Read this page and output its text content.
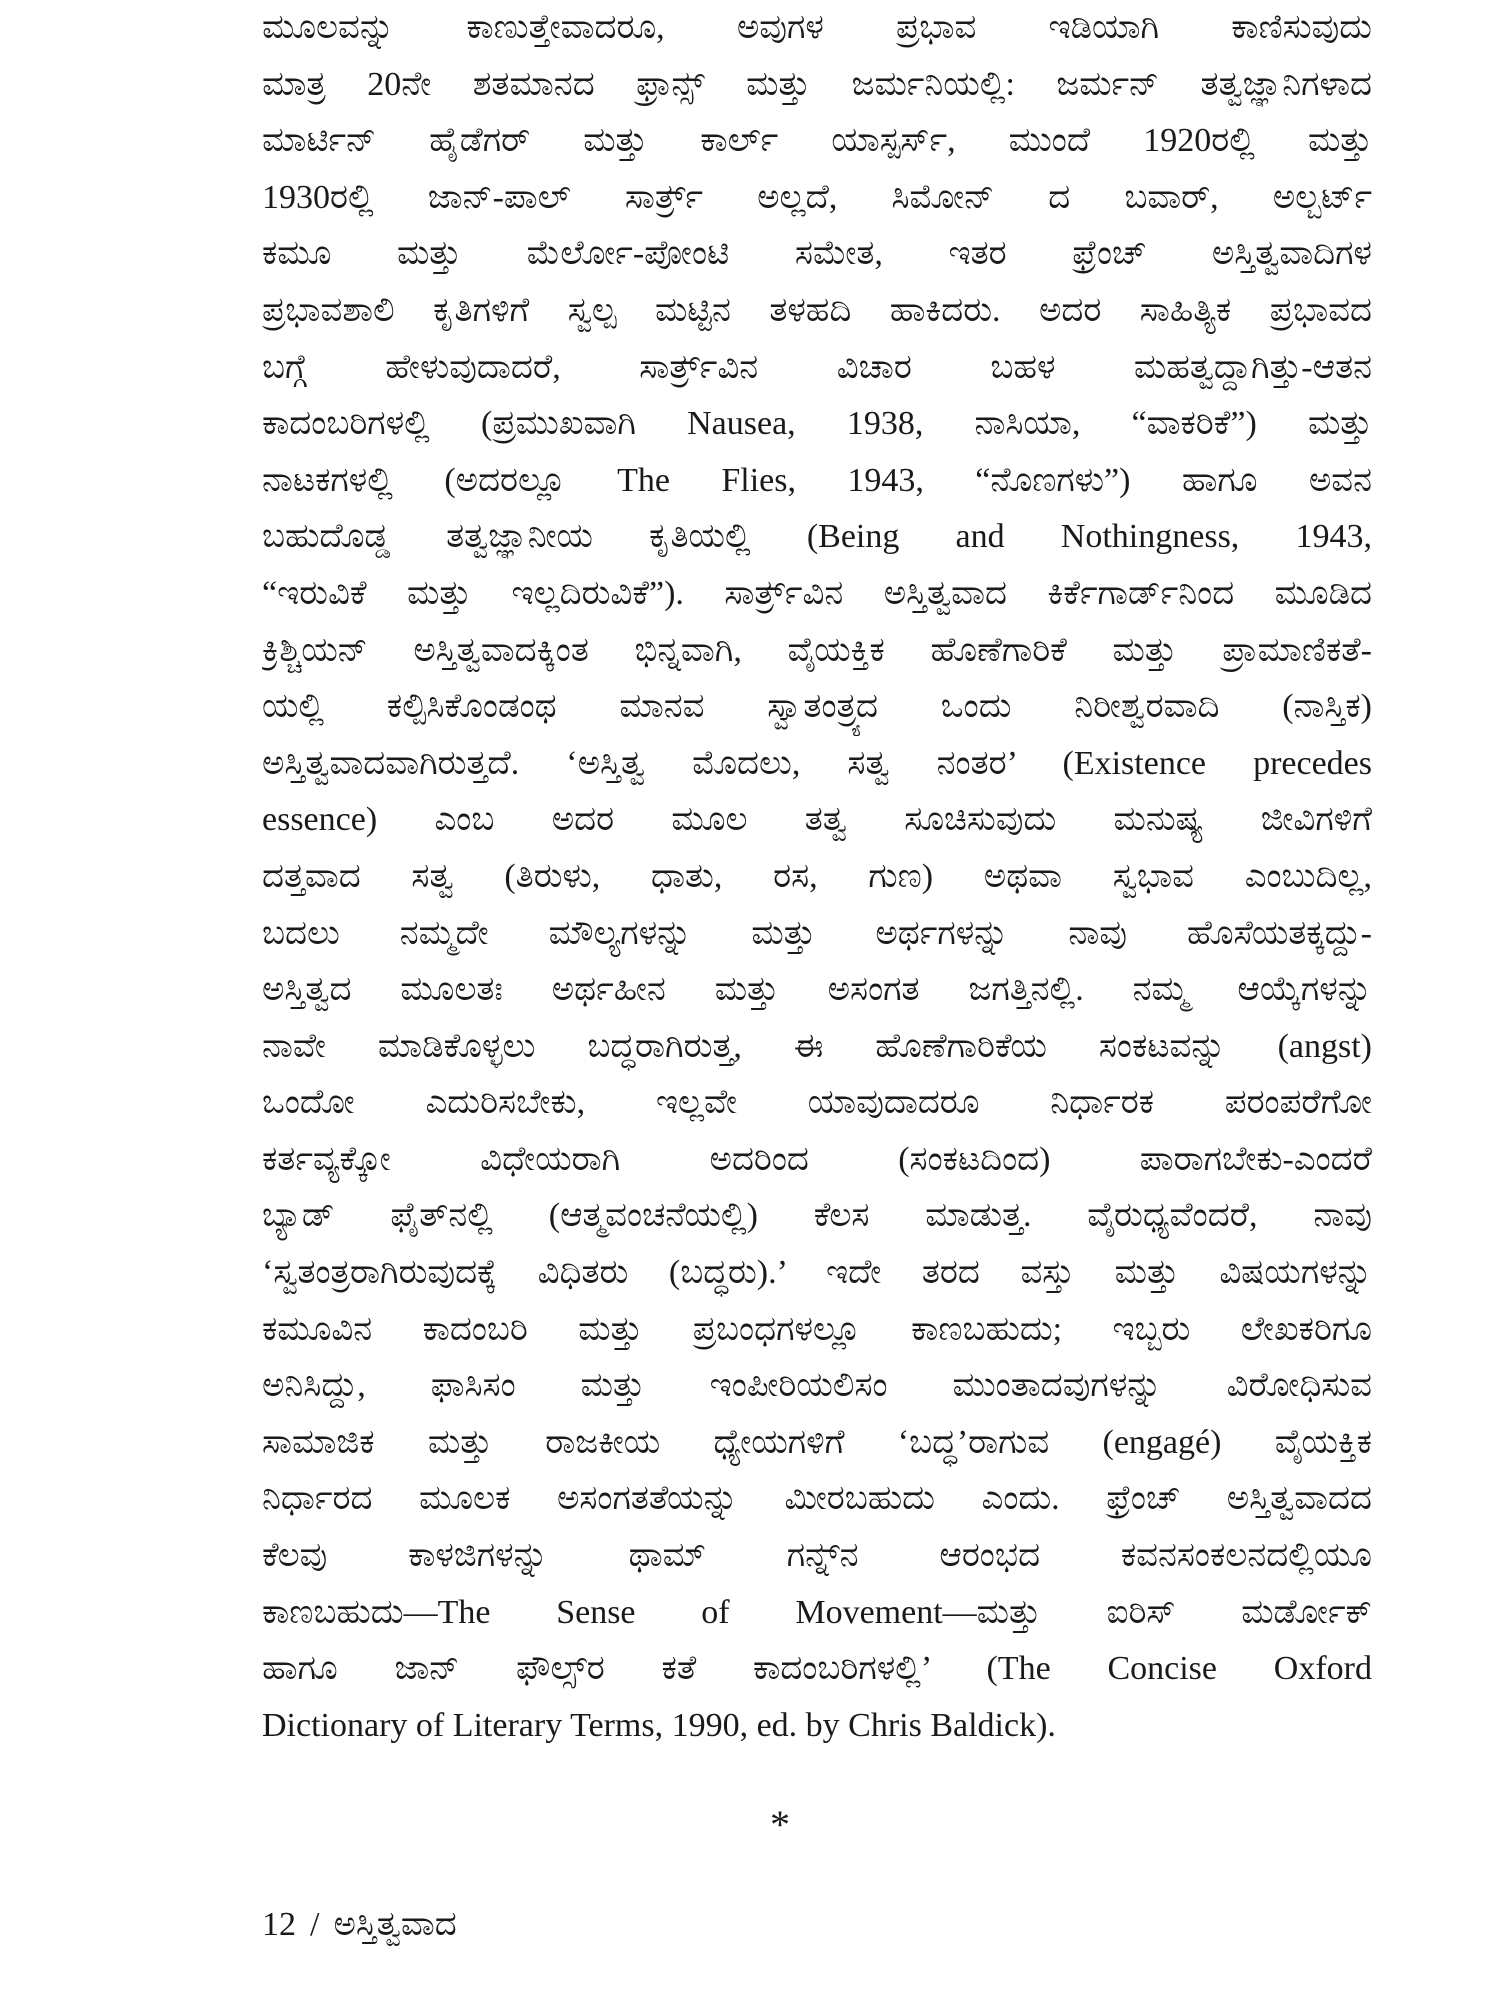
ಮೂಲವನ್ನು ಕಾಣುತ್ತೇವಾದರೂ, ಅವುಗಳ ಪ್ರಭಾವ ಇಡಿಯಾಗಿ ಕಾಣಿಸುವುದು
ಮಾತ್ರ 20ನೇ ಶತಮಾನದ ಫ್ರಾನ್ಸ್ ಮತ್ತು ಜರ್ಮನಿಯಲ್ಲಿ: ಜರ್ಮನ್ ತತ್ವಜ್ಞಾನಿಗಳಾದ
ಮಾರ್ಟಿನ್ ಹೈಡೆಗರ್ ಮತ್ತು ಕಾರ್ಲ್ ಯಾಸ್ಪರ್ಸ್, ಮುಂದೆ 1920ರಲ್ಲಿ ಮತ್ತು
1930ರಲ್ಲಿ ಜಾನ್-ಪಾಲ್ ಸಾರ್ತ್ರ್ ಅಲ್ಲದೆ, ಸಿಮೋನ್ ದ ಬವಾರ್, ಅಲ್ಬರ್ಟ್
ಕಮೂ ಮತ್ತು ಮೆರ್ಲೋ-ಪೋಂಟಿ ಸಮೇತ, ಇತರ ಫ್ರೆಂಚ್ ಅಸ್ತಿತ್ವವಾದಿಗಳ
ಪ್ರಭಾವಶಾಲಿ ಕೃತಿಗಳಿಗೆ ಸ್ವಲ್ಪ ಮಟ್ಟಿನ ತಳಹದಿ ಹಾಕಿದರು. ಅದರ ಸಾಹಿತ್ಯಿಕ ಪ್ರಭಾವದ
ಬಗ್ಗೆ ಹೇಳುವುದಾದರೆ, ಸಾರ್ತ್ರ್‌ವಿನ ವಿಚಾರ ಬಹಳ ಮಹತ್ವದ್ದಾಗಿತ್ತು-ಆತನ
ಕಾದಂಬರಿಗಳಲ್ಲಿ (ಪ್ರಮುಖವಾಗಿ Nausea, 1938, ನಾಸಿಯಾ, “ವಾಕರಿಕೆ”) ಮತ್ತು
ನಾಟಕಗಳಲ್ಲಿ (ಅದರಲ್ಲೂ The Flies, 1943, “ನೊಣಗಳು”) ಹಾಗೂ ಅವನ
ಬಹುದೊಡ್ಡ ತತ್ವಜ್ಞಾನೀಯ ಕೃತಿಯಲ್ಲಿ (Being and Nothingness, 1943,
“ಇರುವಿಕೆ ಮತ್ತು ಇಲ್ಲದಿರುವಿಕೆ”). ಸಾರ್ತ್ರ್‌ವಿನ ಅಸ್ತಿತ್ವವಾದ ಕಿರ್ಕೆಗಾರ್ಡ್‌ನಿಂದ ಮೂಡಿದ
ಕ್ರಿಶ್ಚಿಯನ್ ಅಸ್ತಿತ್ವವಾದಕ್ಕಿಂತ ಭಿನ್ನವಾಗಿ, ವೈಯಕ್ತಿಕ ಹೊಣೆಗಾರಿಕೆ ಮತ್ತು ಪ್ರಾಮಾಣಿಕತೆ-
ಯಲ್ಲಿ ಕಲ್ಪಿಸಿಕೊಂಡಂಥ ಮಾನವ ಸ್ವಾತಂತ್ರ್ಯದ ಒಂದು ನಿರೀಶ್ವರವಾದಿ (ನಾಸ್ತಿಕ)
ಅಸ್ತಿತ್ವವಾದವಾಗಿರುತ್ತದೆ. ‘ಅಸ್ತಿತ್ವ ಮೊದಲು, ಸತ್ವ ನಂತರ’ (Existence precedes
essence) ಎಂಬ ಅದರ ಮೂಲ ತತ್ವ ಸೂಚಿಸುವುದು ಮನುಷ್ಯ ಜೀವಿಗಳಿಗೆ
ದತ್ತವಾದ ಸತ್ವ (ತಿರುಳು, ಧಾತು, ರಸ, ಗುಣ) ಅಥವಾ ಸ್ವಭಾವ ಎಂಬುದಿಲ್ಲ,
ಬದಲು ನಮ್ಮದೇ ಮೌಲ್ಯಗಳನ್ನು ಮತ್ತು ಅರ್ಥಗಳನ್ನು ನಾವು ಹೊಸೆಯತಕ್ಕದ್ದು-
ಅಸ್ತಿತ್ವದ ಮೂಲತಃ ಅರ್ಥಹೀನ ಮತ್ತು ಅಸಂಗತ ಜಗತ್ತಿನಲ್ಲಿ. ನಮ್ಮ ಆಯ್ಕೆಗಳನ್ನು
ನಾವೇ ಮಾಡಿಕೊಳ್ಳಲು ಬದ್ಧರಾಗಿರುತ್ತ, ಈ ಹೊಣೆಗಾರಿಕೆಯ ಸಂಕಟವನ್ನು (angst)
ಒಂದೋ ಎದುರಿಸಬೇಕು, ಇಲ್ಲವೇ ಯಾವುದಾದರೂ ನಿರ್ಧಾರಕ ಪರಂಪರೆಗೋ
ಕರ್ತವ್ಯಕ್ಕೋ ವಿಧೇಯರಾಗಿ ಅದರಿಂದ (ಸಂಕಟದಿಂದ) ಪಾರಾಗಬೇಕು-ಎಂದರೆ
ಬ್ಯಾಡ್ ಫೈತ್‌ನಲ್ಲಿ (ಆತ್ಮವಂಚನೆಯಲ್ಲಿ) ಕೆಲಸ ಮಾಡುತ್ತ. ವೈರುಧ್ಯವೆಂದರೆ, ನಾವು
‘ಸ್ವತಂತ್ರರಾಗಿರುವುದಕ್ಕೆ ವಿಧಿತರು (ಬದ್ಧರು).’ ಇದೇ ತರದ ವಸ್ತು ಮತ್ತು ವಿಷಯಗಳನ್ನು
ಕಮೂವಿನ ಕಾದಂಬರಿ ಮತ್ತು ಪ್ರಬಂಧಗಳಲ್ಲೂ ಕಾಣಬಹುದು; ಇಬ್ಬರು ಲೇಖಕರಿಗೂ
ಅನಿಸಿದ್ದು, ಫಾಸಿಸಂ ಮತ್ತು ಇಂಪೀರಿಯಲಿಸಂ ಮುಂತಾದವುಗಳನ್ನು ವಿರೋಧಿಸುವ
ಸಾಮಾಜಿಕ ಮತ್ತು ರಾಜಕೀಯ ಧ್ಯೇಯಗಳಿಗೆ ‘ಬದ್ಧ’ರಾಗುವ (engagé) ವೈಯಕ್ತಿಕ
ನಿರ್ಧಾರದ ಮೂಲಕ ಅಸಂಗತತೆಯನ್ನು ಮೀರಬಹುದು ಎಂದು. ಫ್ರೆಂಚ್ ಅಸ್ತಿತ್ವವಾದದ
ಕೆಲವು ಕಾಳಜಿಗಳನ್ನು ಥಾಮ್ ಗನ್ನ್‌ನ ಆರಂಭದ ಕವನಸಂಕಲನದಲ್ಲಿಯೂ
ಕಾಣಬಹುದು—The Sense of Movement—ಮತ್ತು ಐರಿಸ್ ಮರ್ಡೋಕ್
ಹಾಗೂ ಜಾನ್ ಫೌಲ್ಸ್‌ರ ಕತೆ ಕಾದಂಬರಿಗಳಲ್ಲಿ’ (The Concise Oxford
Dictionary of Literary Terms, 1990, ed. by Chris Baldick).
*
12 / ಅಸ್ತಿತ್ವವಾದ
